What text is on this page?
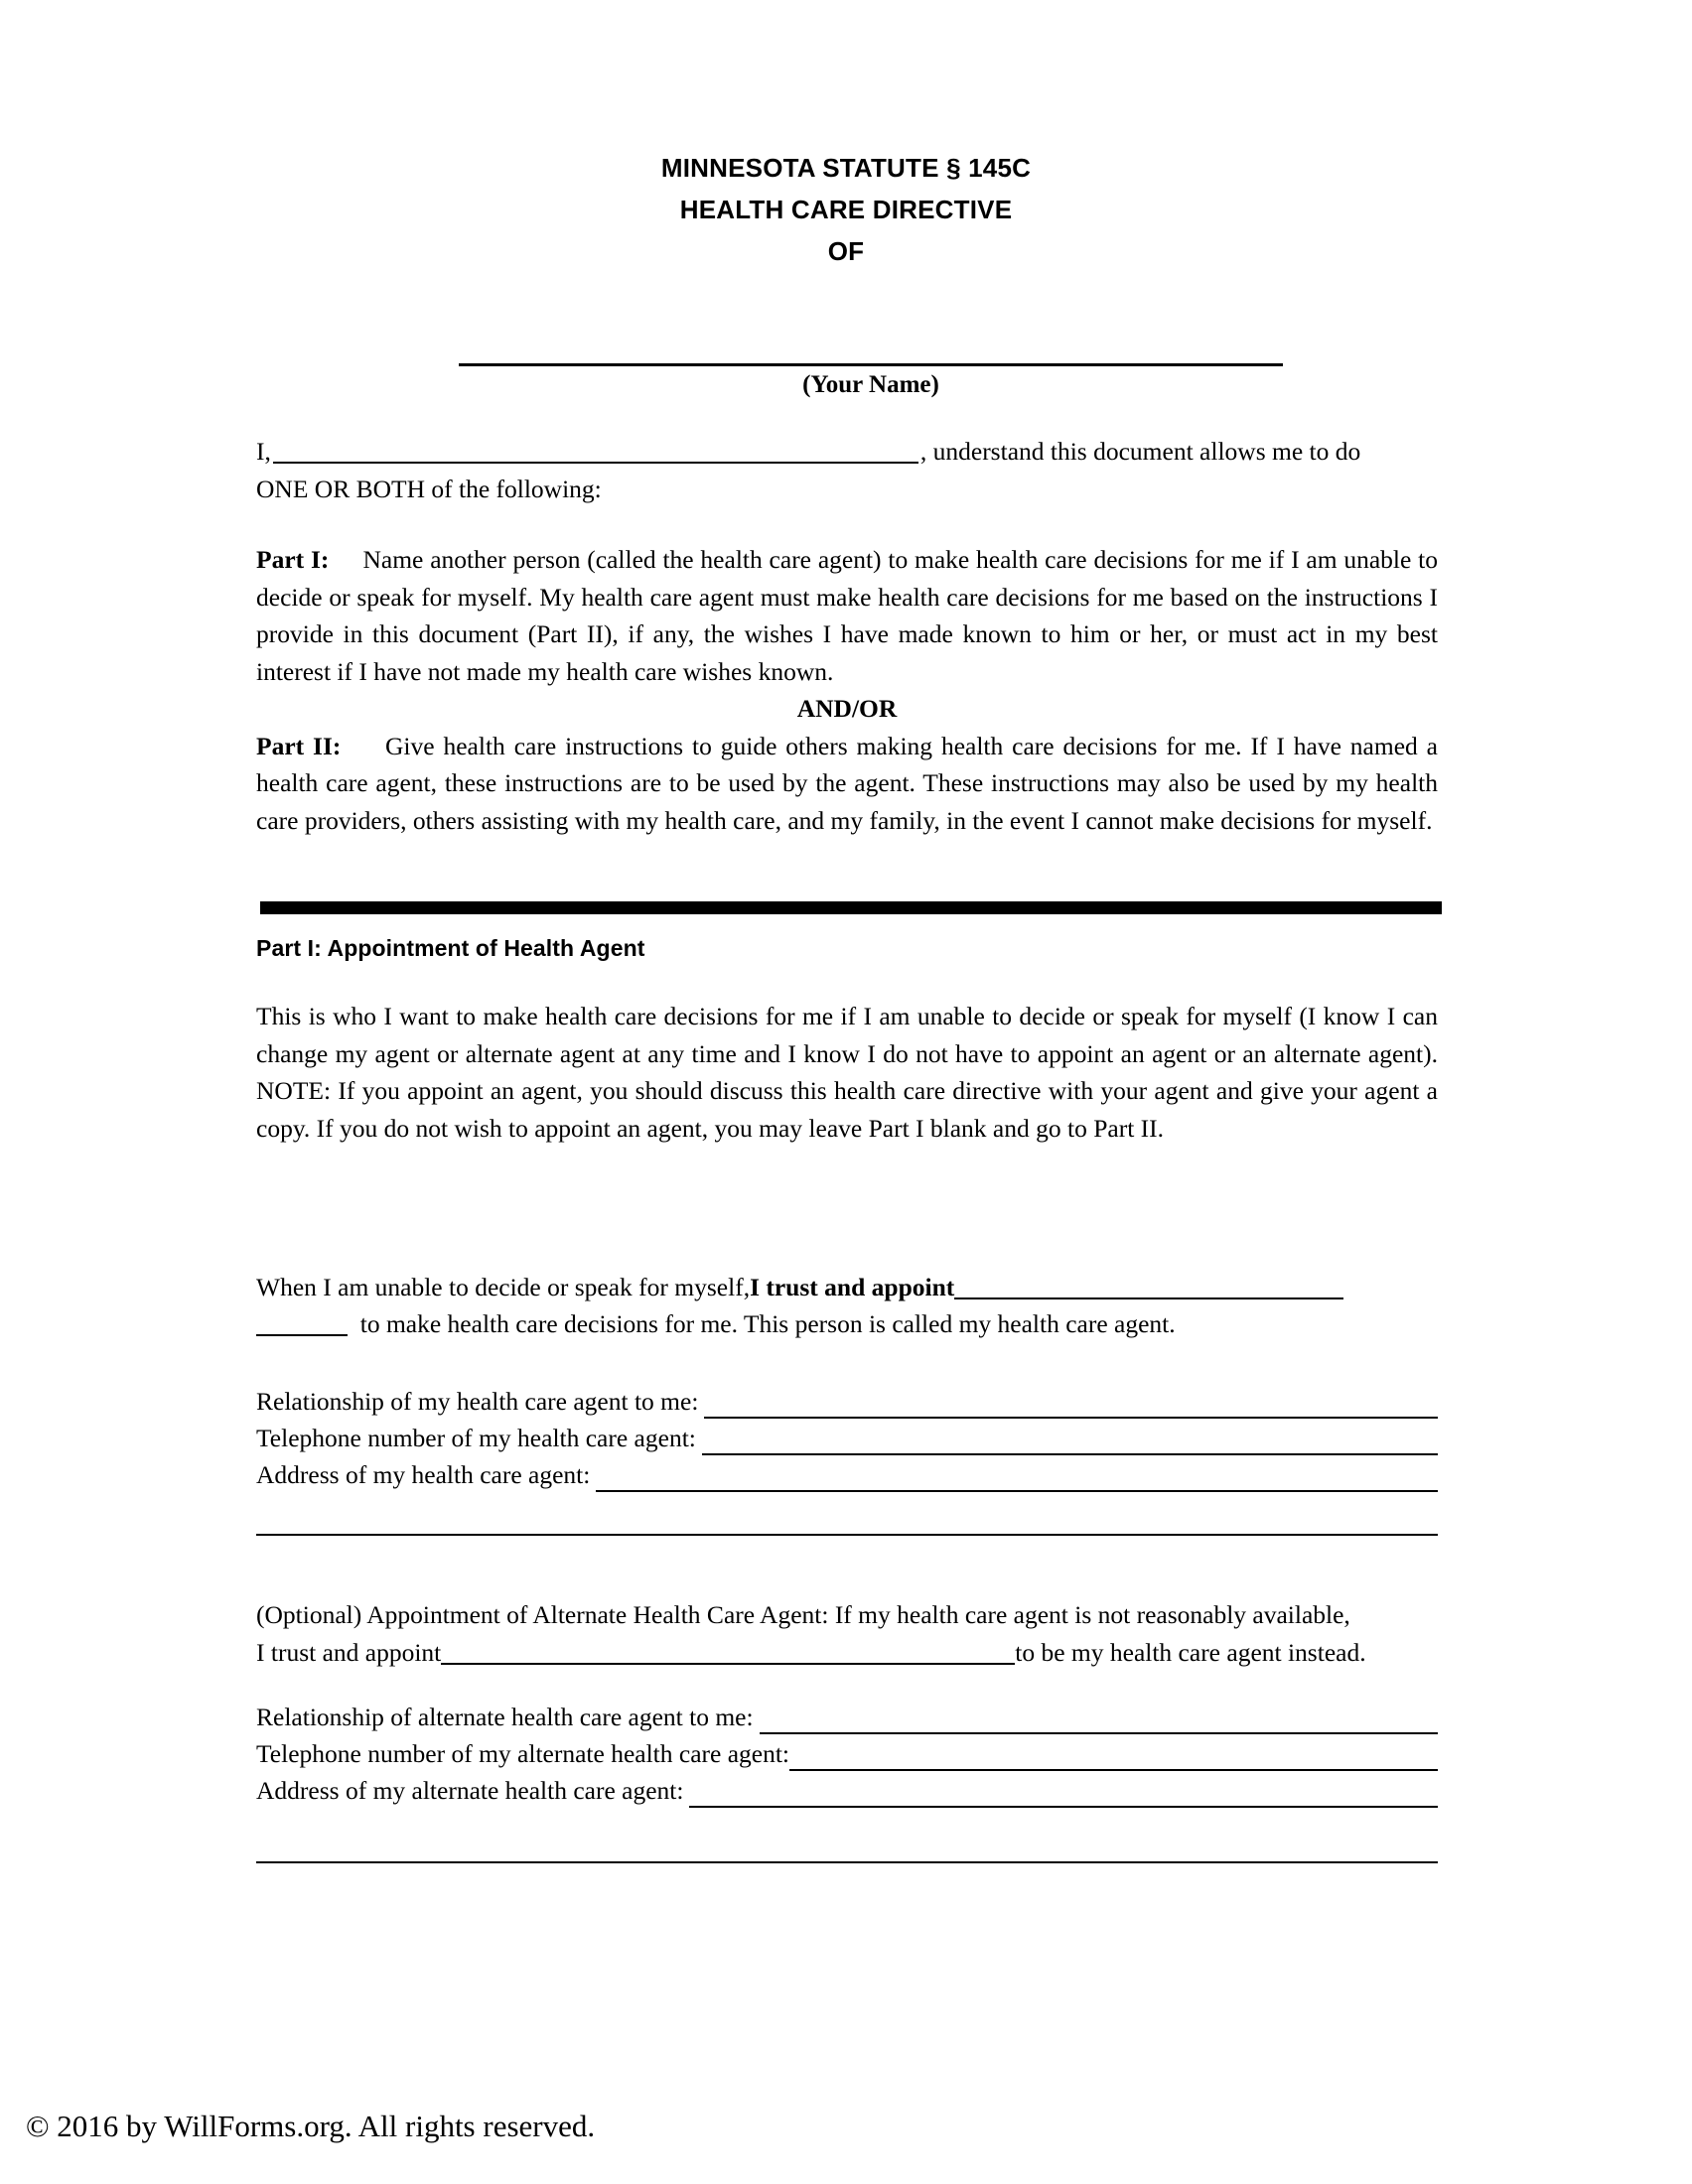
MINNESOTA STATUTE § 145C
HEALTH CARE DIRECTIVE
OF
(Your Name)

I,	, understand this document allows me to do
ONE OR BOTH of the following:

Part I: Name another person (called the health care agent) to make health care decisions for me if I am unable to decide or speak for myself. My health care agent must make health care decisions for me based on the instructions I provide in this document (Part II), if any, the wishes I have made known to him or her, or must act in my best interest if I have not made my health care wishes known.

AND/OR

Part II: Give health care instructions to guide others making health care decisions for me. If I have named a health care agent, these instructions are to be used by the agent. These instructions may also be used by my health care providers, others assisting with my health care, and my family, in the event I cannot make decisions for myself.

Part I: Appointment of Health Agent

This is who I want to make health care decisions for me if I am unable to decide or speak for myself (I know I can change my agent or alternate agent at any time and I know I do not have to appoint an agent or an alternate agent). NOTE: If you appoint an agent, you should discuss this health care directive with your agent and give your agent a copy. If you do not wish to appoint an agent, you may leave Part I blank and go to Part II.

When I am unable to decide or speak for myself,I trust and appoint
to make health care decisions for me. This person is called my health care agent.
Relationship of my health care agent to me:
Telephone number of my health care agent:
Address of my health care agent:

(Optional) Appointment of Alternate Health Care Agent: If my health care agent is not reasonably available,

I trust and appoint	to be my health care agent instead.
Relationship of alternate health care agent to me:
Telephone number of my alternate health care agent:
Address of my alternate health care agent:
© 2016 by WillForms.org. All rights reserved.
